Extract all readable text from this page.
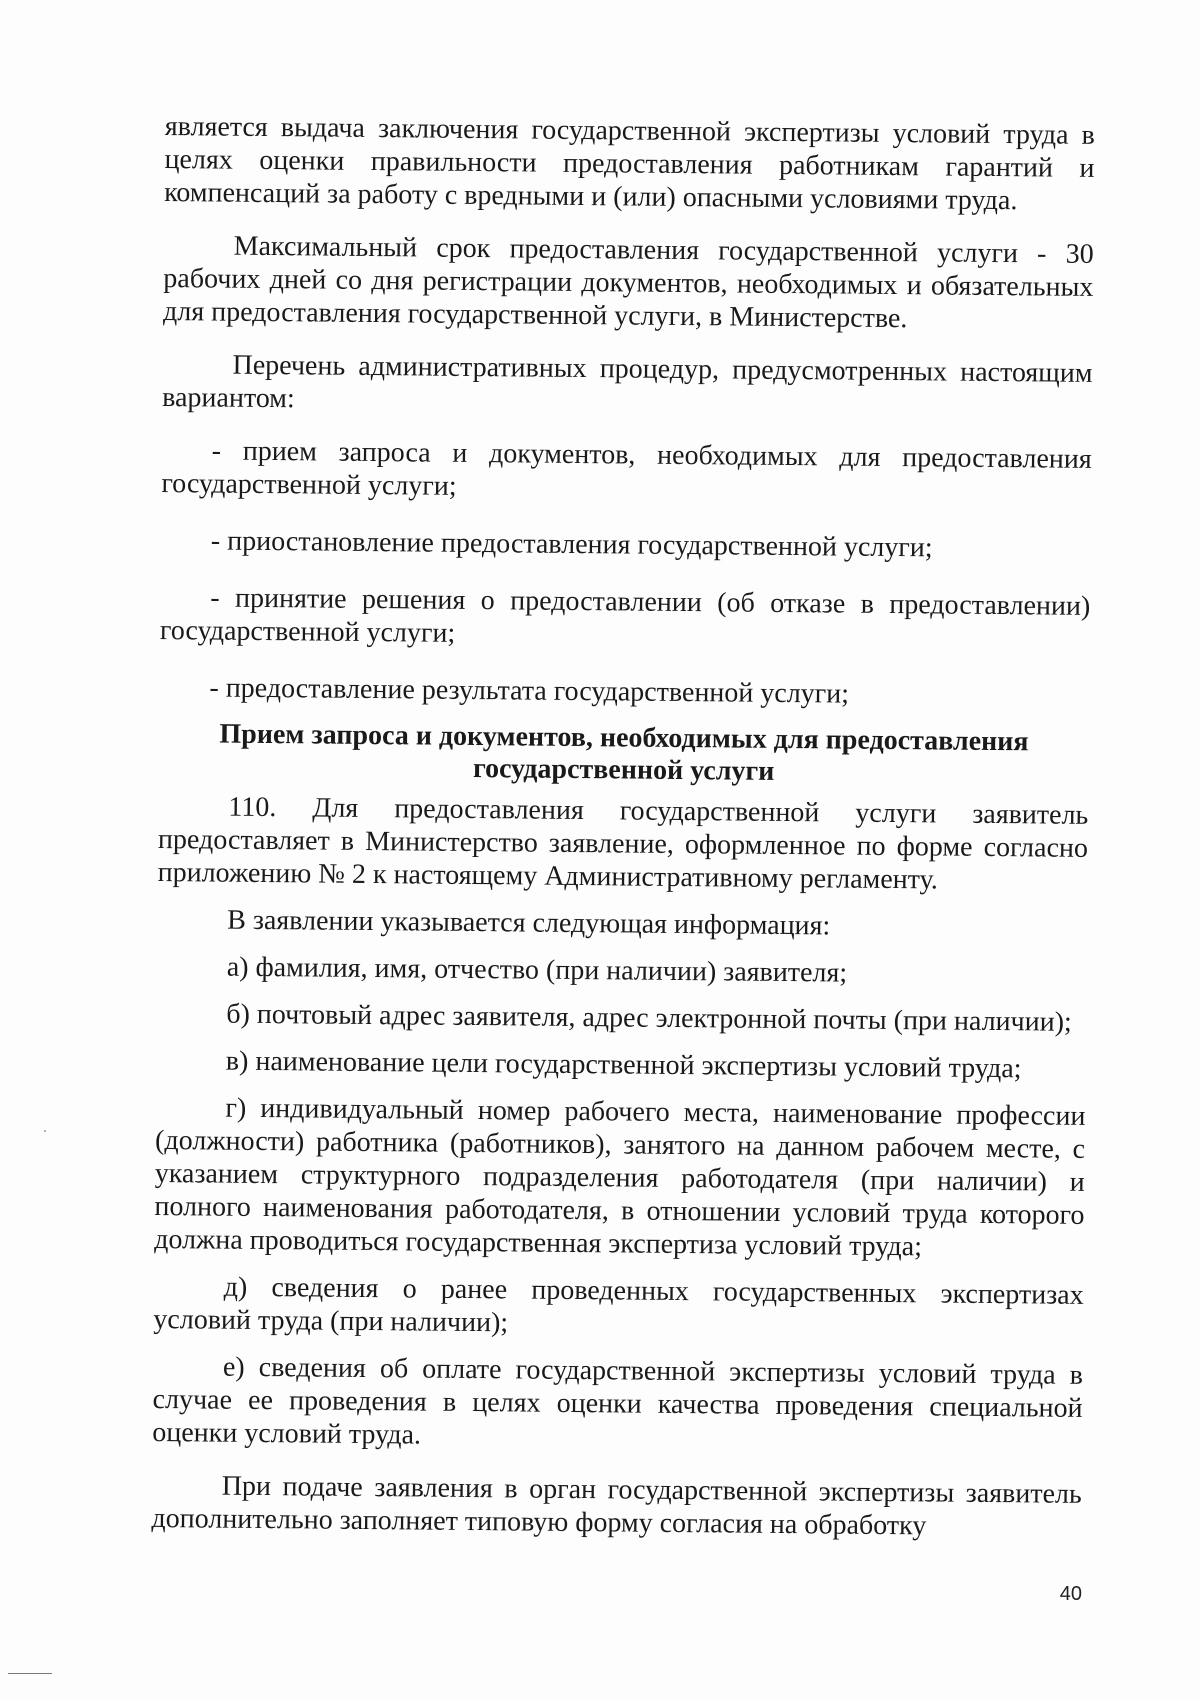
является выдача заключения государственной экспертизы условий труда в целях оценки правильности предоставления работникам гарантий и компенсаций за работу с вредными и (или) опасными условиями труда.

Максимальный срок предоставления государственной услуги - 30 рабочих дней со дня регистрации документов, необходимых и обязательных для предоставления государственной услуги, в Министерстве.

Перечень административных процедур, предусмотренных настоящим вариантом:

- прием запроса и документов, необходимых для предоставления государственной услуги;

- приостановление предоставления государственной услуги;

- принятие решения о предоставлении (об отказе в предоставлении) государственной услуги;

- предоставление результата государственной услуги;

Прием запроса и документов, необходимых для предоставления
государственной услуги

110. Для предоставления государственной услуги заявитель предоставляет в Министерство заявление, оформленное по форме согласно приложению № 2 к настоящему Административному регламенту.

В заявлении указывается следующая информация:

а) фамилия, имя, отчество (при наличии) заявителя;

б) почтовый адрес заявителя, адрес электронной почты (при наличии);

в) наименование цели государственной экспертизы условий труда;

г) индивидуальный номер рабочего места, наименование профессии (должности) работника (работников), занятого на данном рабочем месте, с указанием структурного подразделения работодателя (при наличии) и полного наименования работодателя, в отношении условий труда которого должна проводиться государственная экспертиза условий труда;

д) сведения о ранее проведенных государственных экспертизах условий труда (при наличии);

е) сведения об оплате государственной экспертизы условий труда в случае ее проведения в целях оценки качества проведения специальной оценки условий труда.

При подаче заявления в орган государственной экспертизы заявитель дополнительно заполняет типовую форму согласия на обработку

40
